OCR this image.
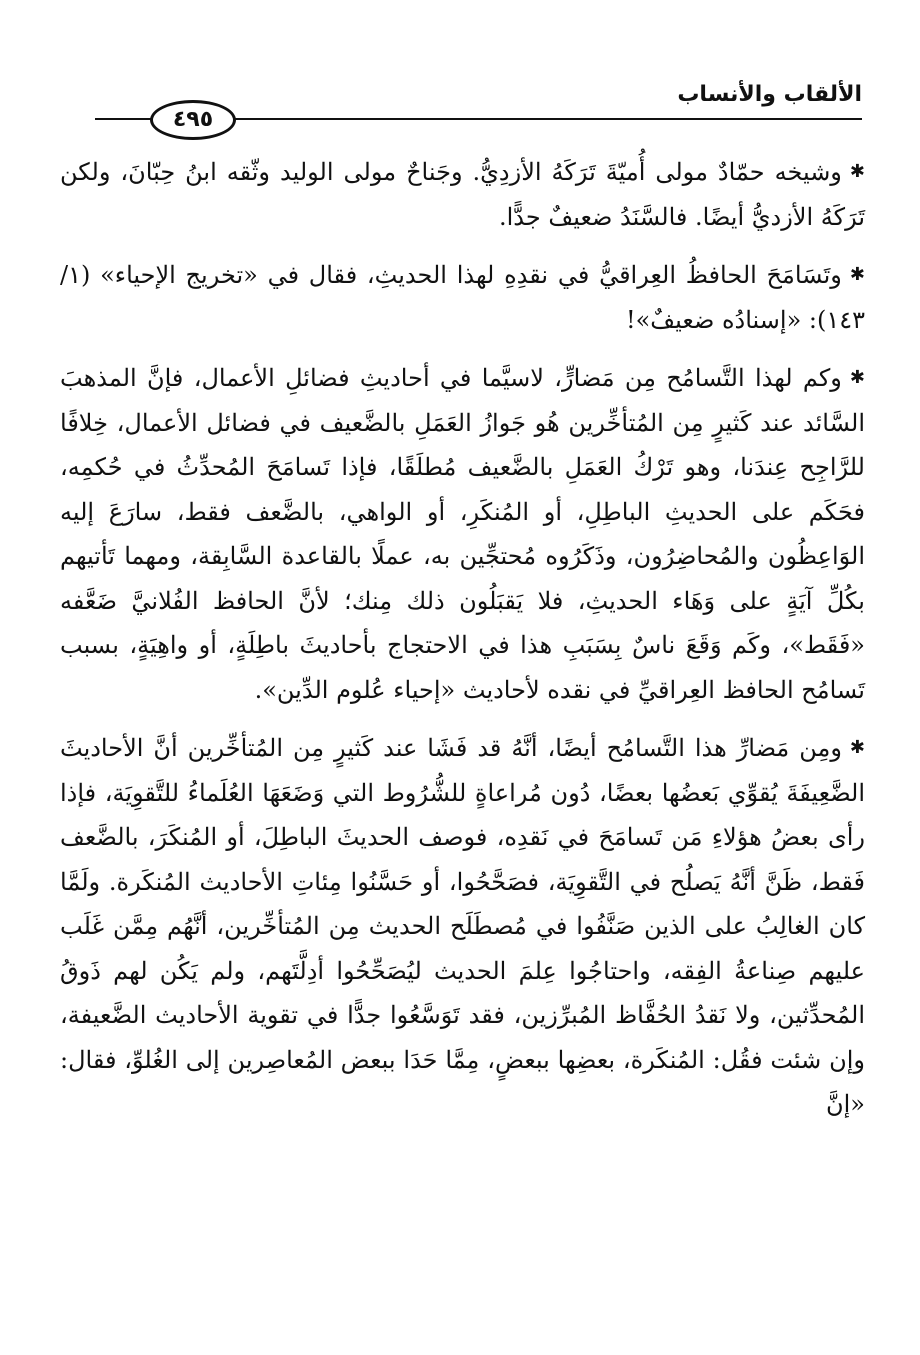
الألقاب والأنساب
٤٩٥

✱وشيخه حمّادٌ مولى أُميّةَ تَرَكَهُ الأزدِيُّ. وجَناحٌ مولى الوليد وثّقه ابنُ حِبّانَ، ولكن تَرَكَهُ الأزديُّ أيضًا. فالسَّنَدُ ضعيفٌ جدًّا.

✱وتَسَامَحَ الحافظُ العِراقيُّ في نقدِهِ لهذا الحديثِ، فقال في «تخريج الإحياء» (١/ ١٤٣): «إسنادُه ضعيفٌ»!

✱وكم لهذا التَّسامُح مِن مَضارٍّ، لاسيَّما في أحاديثِ فضائلِ الأعمال، فإنَّ المذهبَ السَّائد عند كَثيرٍ مِن المُتأخِّرين هُو جَوازُ العَمَلِ بالضَّعيف في فضائل الأعمال، خِلافًا للرَّاجِح عِندَنا، وهو تَرْكُ العَمَلِ بالضَّعيف مُطلَقًا، فإذا تَسامَحَ المُحدِّثُ في حُكمِه، فحَكَم على الحديثِ الباطِلِ، أو المُنكَرِ، أو الواهي، بالضَّعف فقط، سارَعَ إليه الوَاعِظُون والمُحاضِرُون، وذَكَرُوه مُحتجِّين به، عملًا بالقاعدة السَّابِقة، ومهما تَأتيهم بكُلِّ آيَةٍ على وَهَاء الحديثِ، فلا يَقبَلُون ذلك مِنك؛ لأنَّ الحافظ الفُلانيَّ ضَعَّفه «فَقَط»، وكَم وَقَعَ ناسٌ بِسَبَبِ هذا في الاحتجاج بأحاديثَ باطِلَةٍ، أو واهِيَةٍ، بسبب تَسامُح الحافظ العِراقيِّ في نقده لأحاديث «إحياء عُلوم الدِّين».

✱ومِن مَضارِّ هذا التَّسامُح أيضًا، أنَّهُ قد فَشَا عند كَثيرٍ مِن المُتأخِّرين أنَّ الأحاديثَ الضَّعِيفَةَ يُقوِّي بَعضُها بعضًا، دُون مُراعاةٍ للشُّرُوط التي وَضَعَهَا العُلَماءُ للتَّقوِيَة، فإذا رأى بعضُ هؤلاءِ مَن تَسامَحَ في نَقدِه، فوصف الحديثَ الباطِلَ، أو المُنكَرَ، بالضَّعف فَقط، ظَنَّ أنَّهُ يَصلُح في التَّقوِيَة، فصَحَّحُوا، أو حَسَّنُوا مِئاتِ الأحاديث المُنكَرة. ولَمَّا كان الغالِبُ على الذين صَنَّفُوا في مُصطَلَح الحديث مِن المُتأخِّرين، أنَّهُم مِمَّن غَلَب عليهم صِناعةُ الفِقه، واحتاجُوا عِلمَ الحديث ليُصَحِّحُوا أدِلَّتَهم، ولم يَكُن لهم ذَوقُ المُحدِّثين، ولا نَقدُ الحُفَّاظ المُبرِّزين، فقد تَوَسَّعُوا جدًّا في تقوية الأحاديث الضَّعيفة، وإن شئت فقُل: المُنكَرة، بعضِها ببعضٍ، مِمَّا حَدَا ببعض المُعاصِرين إلى الغُلوِّ، فقال: «إنَّ
